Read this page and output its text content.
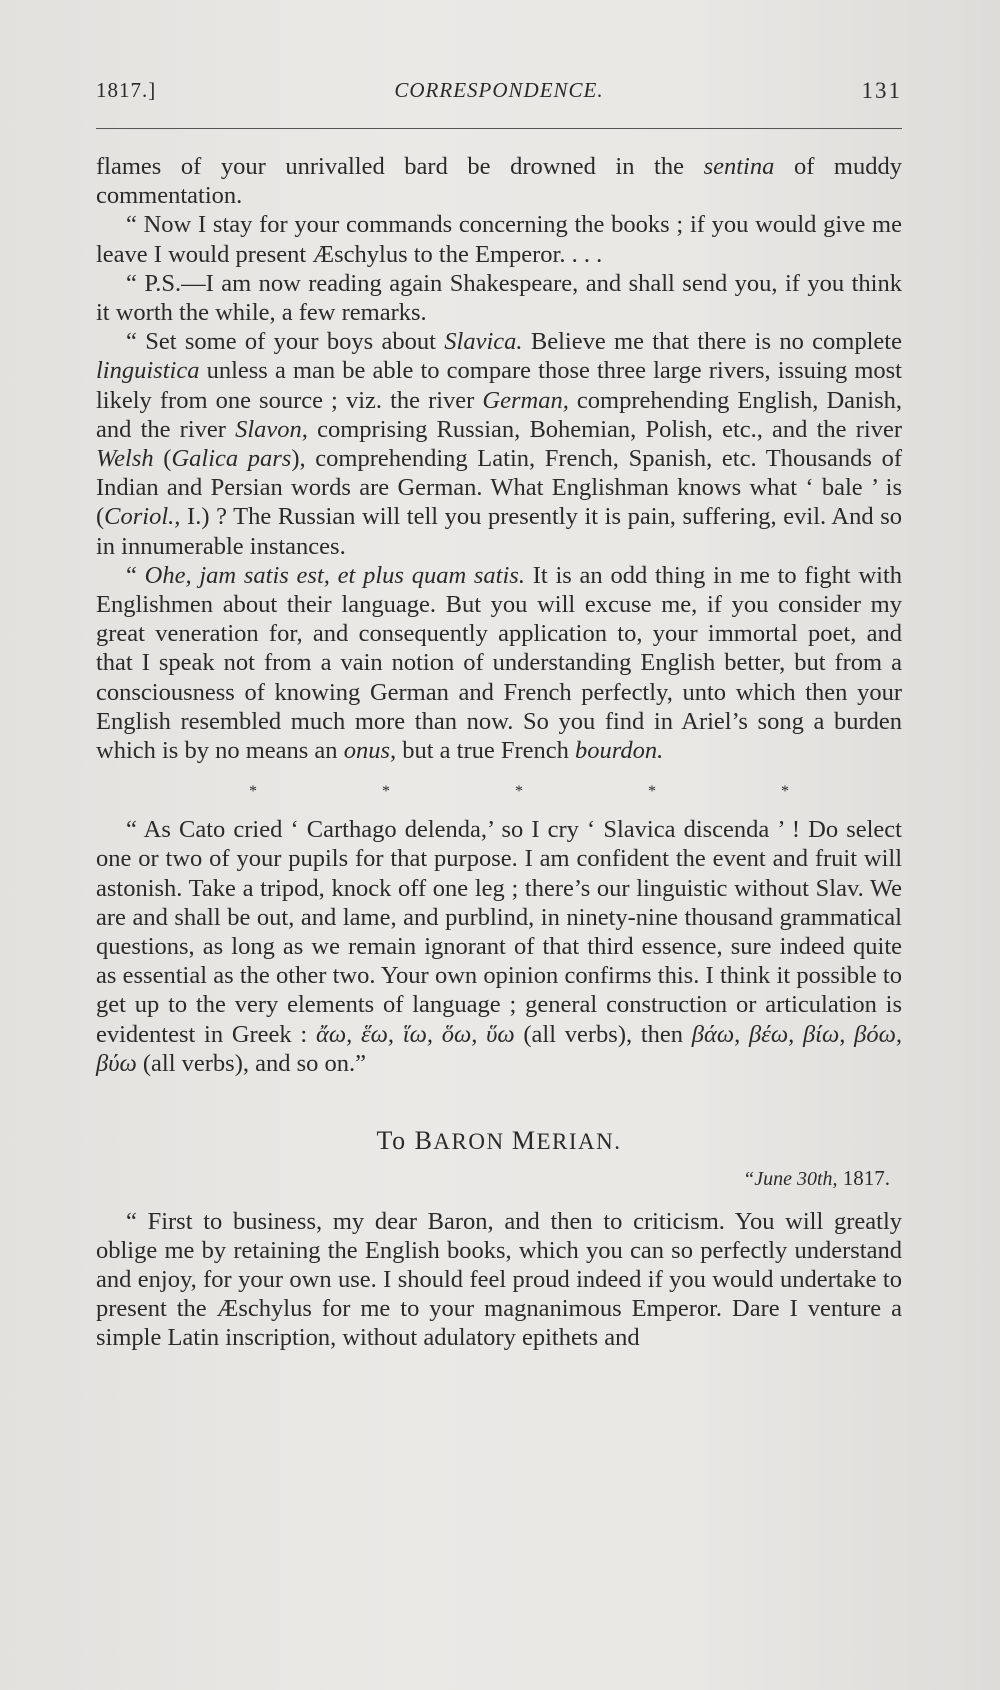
1817.]	CORRESPONDENCE.	131

flames of your unrivalled bard be drowned in the sentina of muddy commentation.

“ Now I stay for your commands concerning the books ; if you would give me leave I would present Æschylus to the Emperor. . . .

“ P.S.—I am now reading again Shakespeare, and shall send you, if you think it worth the while, a few remarks.

“ Set some of your boys about Slavica. Believe me that there is no complete linguistica unless a man be able to compare those three large rivers, issuing most likely from one source ; viz. the river German, comprehending English, Danish, and the river Slavon, comprising Russian, Bohemian, Polish, etc., and the river Welsh (Galica pars), comprehending Latin, French, Spanish, etc. Thousands of Indian and Persian words are German. What Englishman knows what ‘ bale ’ is (Coriol., I.) ? The Russian will tell you presently it is pain, suffering, evil. And so in innumerable instances.

“ Ohe, jam satis est, et plus quam satis. It is an odd thing in me to fight with Englishmen about their language. But you will excuse me, if you consider my great veneration for, and consequently application to, your immortal poet, and that I speak not from a vain notion of understanding English better, but from a consciousness of knowing German and French perfectly, unto which then your English resembled much more than now. So you find in Ariel’s song a burden which is by no means an onus, but a true French bourdon.

*	*	*	*	*

“ As Cato cried ‘ Carthago delenda,’ so I cry ‘ Slavica discenda ’ ! Do select one or two of your pupils for that purpose. I am confident the event and fruit will astonish. Take a tripod, knock off one leg ; there’s our linguistic without Slav. We are and shall be out, and lame, and purblind, in ninety-nine thousand grammatical questions, as long as we remain ignorant of that third essence, sure indeed quite as essential as the other two. Your own opinion confirms this. I think it possible to get up to the very elements of language ; general construction or articulation is evidentest in Greek : ἄω, ἕω, ἵω, ὅω, ὕω (all verbs), then βάω, βέω, βίω, βόω, βύω (all verbs), and so on.”

To BARON MERIAN.
“June 30th, 1817.

“ First to business, my dear Baron, and then to criticism. You will greatly oblige me by retaining the English books, which you can so perfectly understand and enjoy, for your own use. I should feel proud indeed if you would undertake to present the Æschylus for me to your magnanimous Emperor. Dare I venture a simple Latin inscription, without adulatory epithets and
